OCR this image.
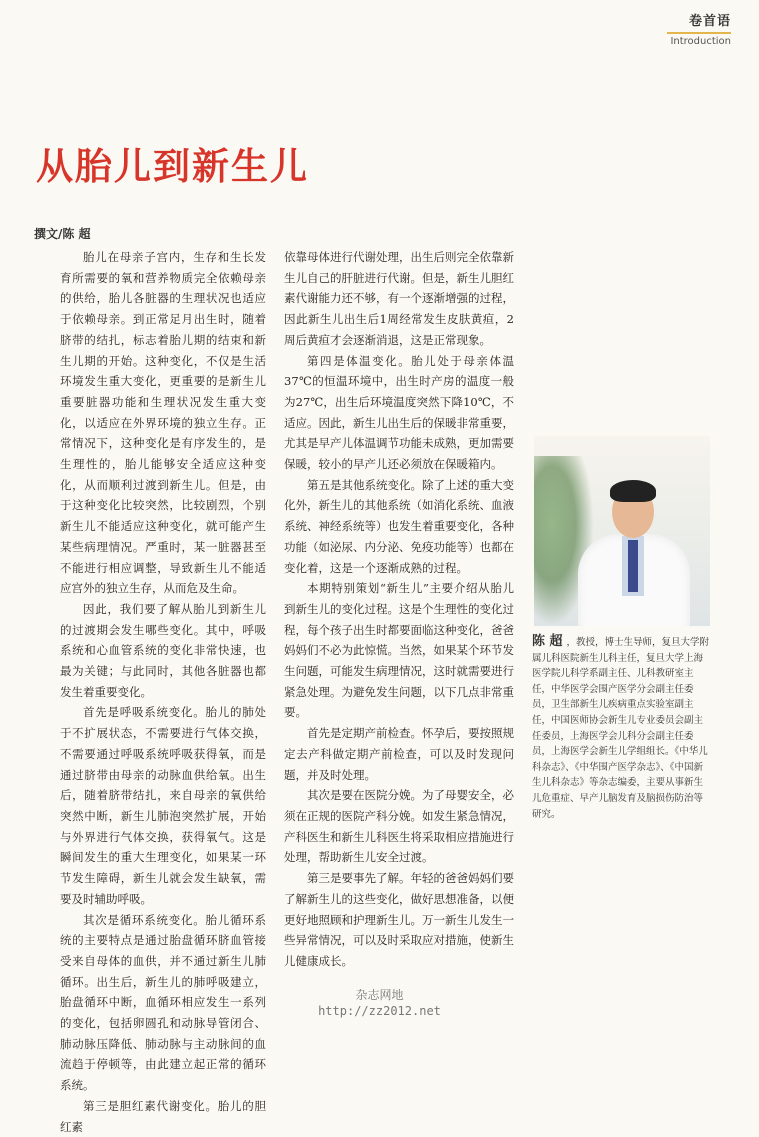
卷首语
Introduction
从胎儿到新生儿
撰文/陈 超

胎儿在母亲子宫内，生存和生长发育所需要的氧和营养物质完全依赖母亲的供给，胎儿各脏器的生理状况也适应于依赖母亲。到正常足月出生时，随着脐带的结扎，标志着胎儿期的结束和新生儿期的开始。这种变化，不仅是生活环境发生重大变化，更重要的是新生儿重要脏器功能和生理状况发生重大变化，以适应在外界环境的独立生存。正常情况下，这种变化是有序发生的，是生理性的，胎儿能够安全适应这种变化，从而顺利过渡到新生儿。但是，由于这种变化比较突然，比较剧烈，个别新生儿不能适应这种变化，就可能产生某些病理情况。严重时，某一脏器甚至不能进行相应调整，导致新生儿不能适应宫外的独立生存，从而危及生命。

因此，我们要了解从胎儿到新生儿的过渡期会发生哪些变化。其中，呼吸系统和心血管系统的变化非常快速，也最为关键；与此同时，其他各脏器也都发生着重要变化。

首先是呼吸系统变化。胎儿的肺处于不扩展状态，不需要进行气体交换，不需要通过呼吸系统呼吸获得氧，而是通过脐带由母亲的动脉血供给氧。出生后，随着脐带结扎，来自母亲的氧供给突然中断，新生儿肺泡突然扩展，开始与外界进行气体交换，获得氧气。这是瞬间发生的重大生理变化，如果某一环节发生障碍，新生儿就会发生缺氧，需要及时辅助呼吸。

其次是循环系统变化。胎儿循环系统的主要特点是通过胎盘循环脐血管接受来自母体的血供，并不通过新生儿肺循环。出生后，新生儿的肺呼吸建立，胎盘循环中断，血循环相应发生一系列的变化，包括卵圆孔和动脉导管闭合、肺动脉压降低、肺动脉与主动脉间的血流趋于停顿等，由此建立起正常的循环系统。

第三是胆红素代谢变化。胎儿的胆红素

依靠母体进行代谢处理，出生后则完全依靠新生儿自己的肝脏进行代谢。但是，新生儿胆红素代谢能力还不够，有一个逐渐增强的过程，因此新生儿出生后1周经常发生皮肤黄疸，2周后黄疸才会逐渐消退，这是正常现象。

第四是体温变化。胎儿处于母亲体温37℃的恒温环境中，出生时产房的温度一般为27℃，出生后环境温度突然下降10℃，不适应。因此，新生儿出生后的保暖非常重要，尤其是早产儿体温调节功能未成熟，更加需要保暖，较小的早产儿还必须放在保暖箱内。

第五是其他系统变化。除了上述的重大变化外，新生儿的其他系统（如消化系统、血液系统、神经系统等）也发生着重要变化，各种功能（如泌尿、内分泌、免疫功能等）也都在变化着，这是一个逐渐成熟的过程。

本期特别策划“新生儿”主要介绍从胎儿到新生儿的变化过程。这是个生理性的变化过程，每个孩子出生时都要面临这种变化，爸爸妈妈们不必为此惊慌。当然，如果某个环节发生问题，可能发生病理情况，这时就需要进行紧急处理。为避免发生问题，以下几点非常重要。

首先是定期产前检查。怀孕后，要按照规定去产科做定期产前检查，可以及时发现问题，并及时处理。

其次是要在医院分娩。为了母婴安全，必须在正规的医院产科分娩。如发生紧急情况，产科医生和新生儿科医生将采取相应措施进行处理，帮助新生儿安全过渡。

第三是要事先了解。年轻的爸爸妈妈们要了解新生儿的这些变化，做好思想准备，以便更好地照顾和护理新生儿。万一新生儿发生一些异常情况，可以及时采取应对措施，使新生儿健康成长。

陈 超 ，教授，博士生导师，复旦大学附属儿科医院新生儿科主任，复旦大学上海医学院儿科学系副主任、儿科教研室主任，中华医学会围产医学分会副主任委员，卫生部新生儿疾病重点实验室副主任，中国医师协会新生儿专业委员会副主任委员，上海医学会儿科分会副主任委员，上海医学会新生儿学组组长。《中华儿科杂志》、《中华围产医学杂志》、《中国新生儿科杂志》等杂志编委，主要从事新生儿危重症、早产儿脑发育及脑损伤防治等研究。
杂志网地
http://zz2012.net
